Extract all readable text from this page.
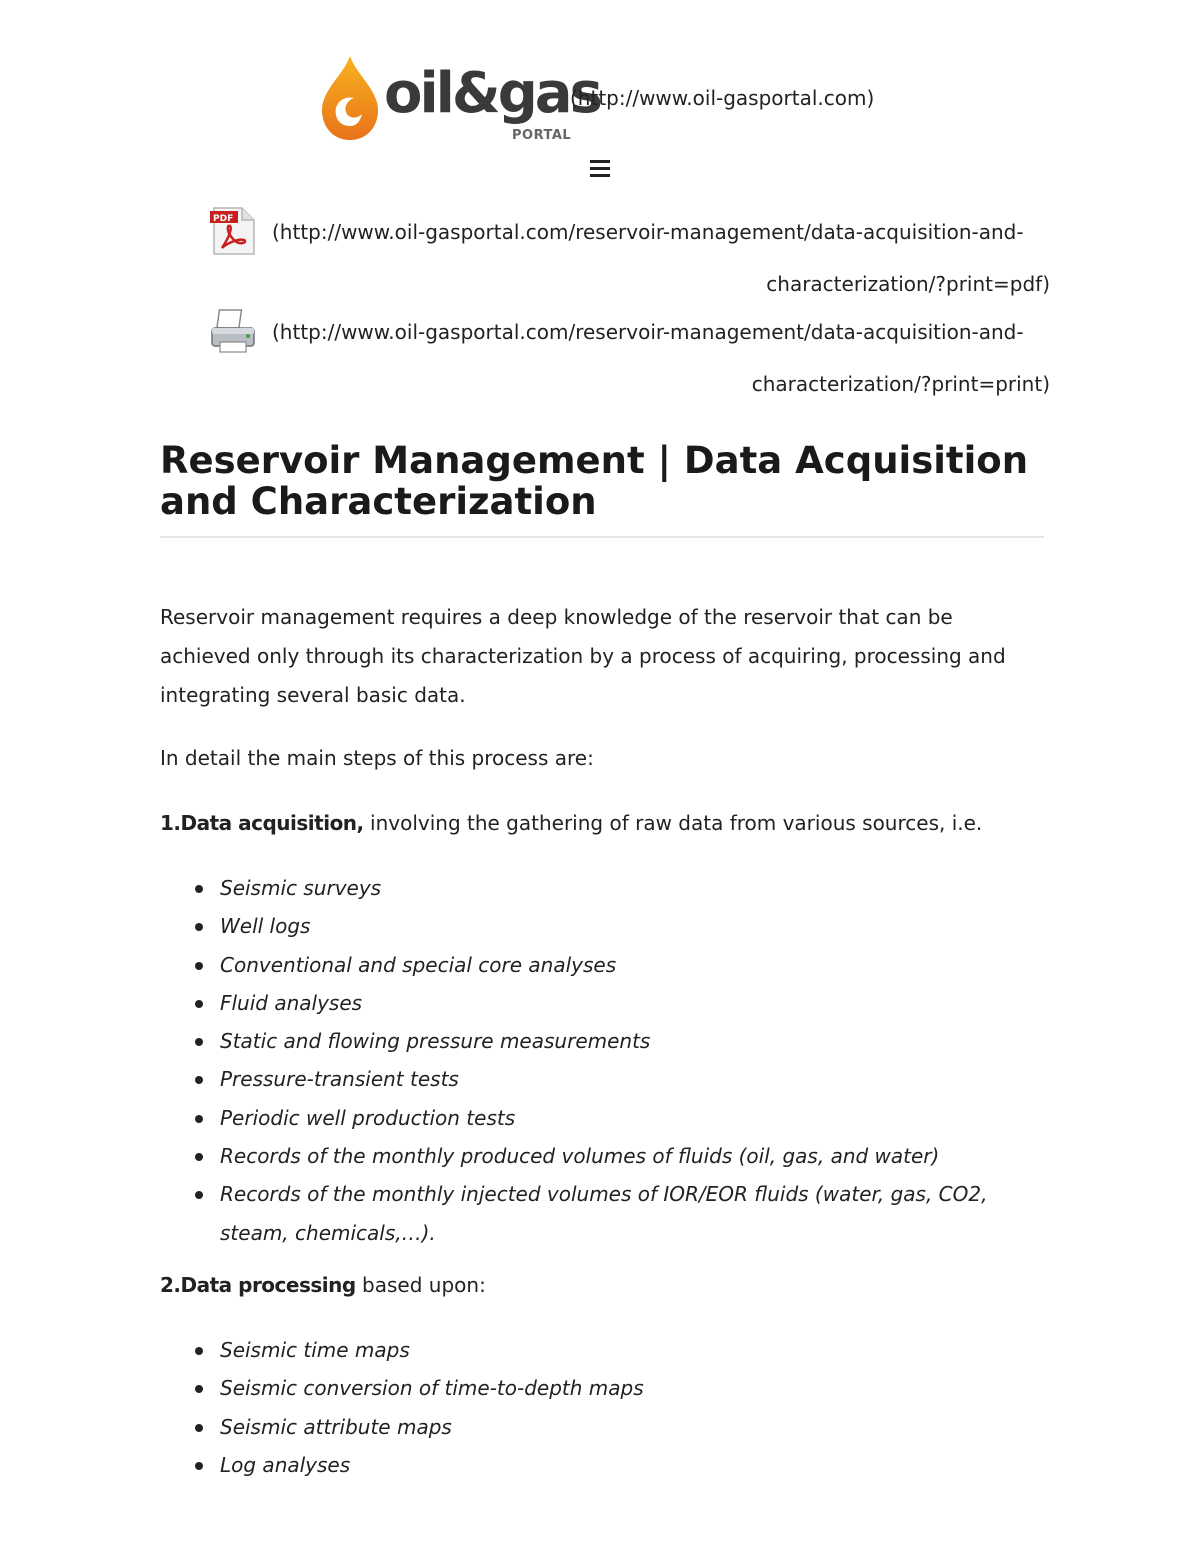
oil&gas
PORTAL
(http://www.oil-gasportal.com)
PDF
(http://www.oil-gasportal.com/reservoir-management/data-acquisition-and-characterization/?print=pdf)
(http://www.oil-gasportal.com/reservoir-management/data-acquisition-and-characterization/?print=print)
Reservoir Management | Data Acquisition and Characterization

Reservoir management requires a deep knowledge of the reservoir that can be achieved only through its characterization by a process of acquiring, processing and integrating several basic data.

In detail the main steps of this process are:

1.Data acquisition, involving the gathering of raw data from various sources, i.e.

Seismic surveys
Well logs
Conventional and special core analyses
Fluid analyses
Static and flowing pressure measurements
Pressure-transient tests
Periodic well production tests
Records of the monthly produced volumes of fluids (oil, gas, and water)
Records of the monthly injected volumes of IOR/EOR fluids (water, gas, CO2, steam, chemicals,…).

2.Data processing based upon:

Seismic time maps
Seismic conversion of time-to-depth maps
Seismic attribute maps
Log analyses
